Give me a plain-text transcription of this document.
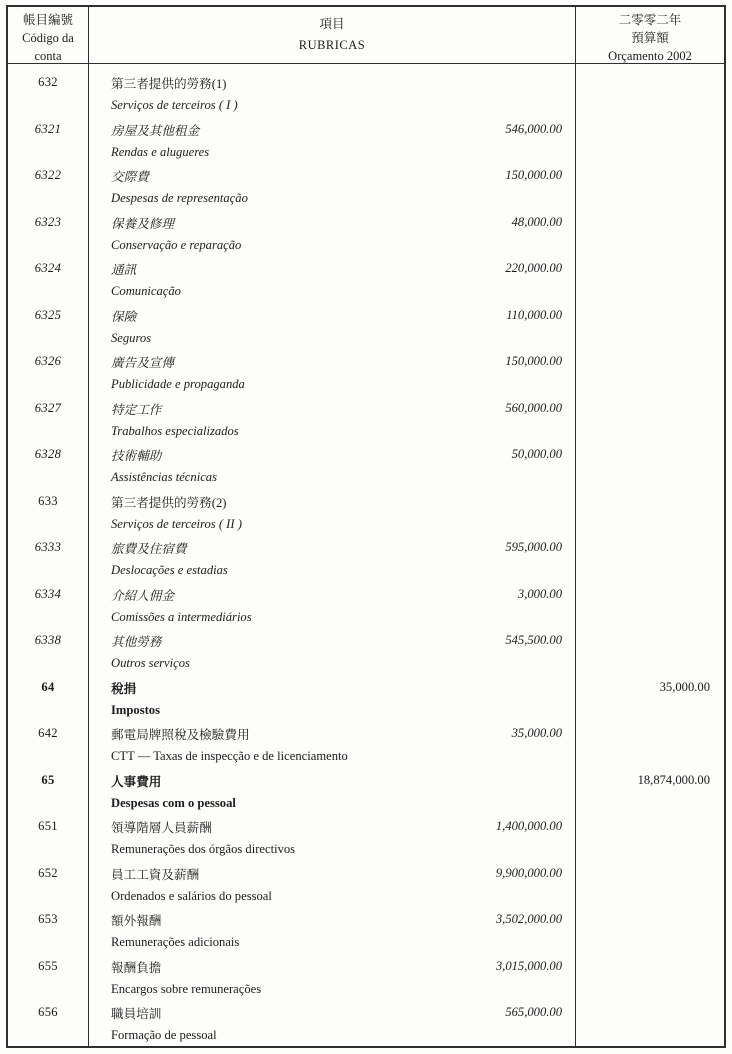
帳目編號
Código da
conta
項目
RUBRICAS
二零零二年
預算額
Orçamento 2002
632	第三者提供的勞務(1)
Serviços de terceiros ( I )
6321	房屋及其他租金	546,000.00
Rendas e alugueres
6322	交際費	150,000.00
Despesas de representação
6323	保養及修理	48,000.00
Conservação e reparação
6324	通訊	220,000.00
Comunicação
6325	保險	110,000.00
Seguros
6326	廣告及宣傳	150,000.00
Publicidade e propaganda
6327	特定工作	560,000.00
Trabalhos especializados
6328	技術輔助	50,000.00
Assistências técnicas
633	第三者提供的勞務(2)
Serviços de terceiros ( II )
6333	旅費及住宿費	595,000.00
Deslocações e estadias
6334	介紹人佣金	3,000.00
Comissões a intermediários
6338	其他勞務	545,500.00
Outros serviços
64	稅捐	35,000.00
Impostos
642	郵電局牌照稅及檢驗費用	35,000.00
CTT — Taxas de inspecção e de licenciamento
65	人事費用	18,874,000.00
Despesas com o pessoal
651	領導階層人員薪酬	1,400,000.00
Remunerações dos órgãos directivos
652	員工工資及薪酬	9,900,000.00
Ordenados e salários do pessoal
653	額外報酬	3,502,000.00
Remunerações adicionais
655	報酬負擔	3,015,000.00
Encargos sobre remunerações
656	職員培訓	565,000.00
Formação de pessoal
